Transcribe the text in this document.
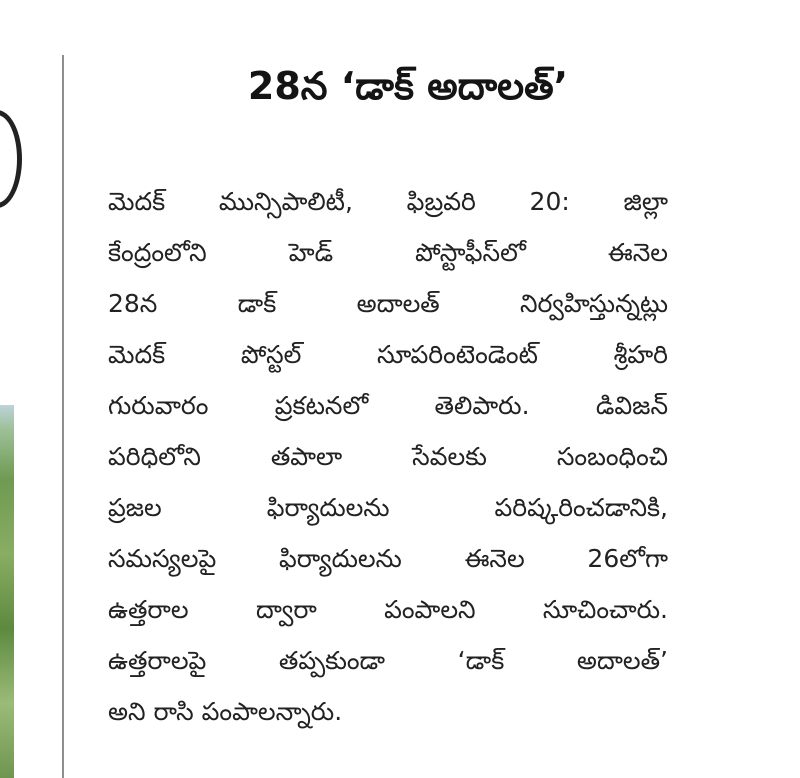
28న ‘డాక్ అదాలత్’
మెదక్ మున్సిపాలిటీ, ఫిబ్రవరి 20: జిల్లా
కేంద్రంలోని హెడ్ పోస్టాఫీస్‌లో ఈనెల
28న డాక్ అదాలత్ నిర్వహిస్తున్నట్లు
మెదక్ పోస్టల్ సూపరింటెండెంట్ శ్రీహరి
గురువారం ప్రకటనలో తెలిపారు. డివిజన్
పరిధిలోని తపాలా సేవలకు సంబంధించి
ప్రజల ఫిర్యాదులను పరిష్కరించడానికి,
సమస్యలపై ఫిర్యాదులను ఈనెల 26లోగా
ఉత్తరాల ద్వారా పంపాలని సూచించారు.
ఉత్తరాలపై తప్పకుండా ‘డాక్ అదాలత్’
అని రాసి పంపాలన్నారు.
